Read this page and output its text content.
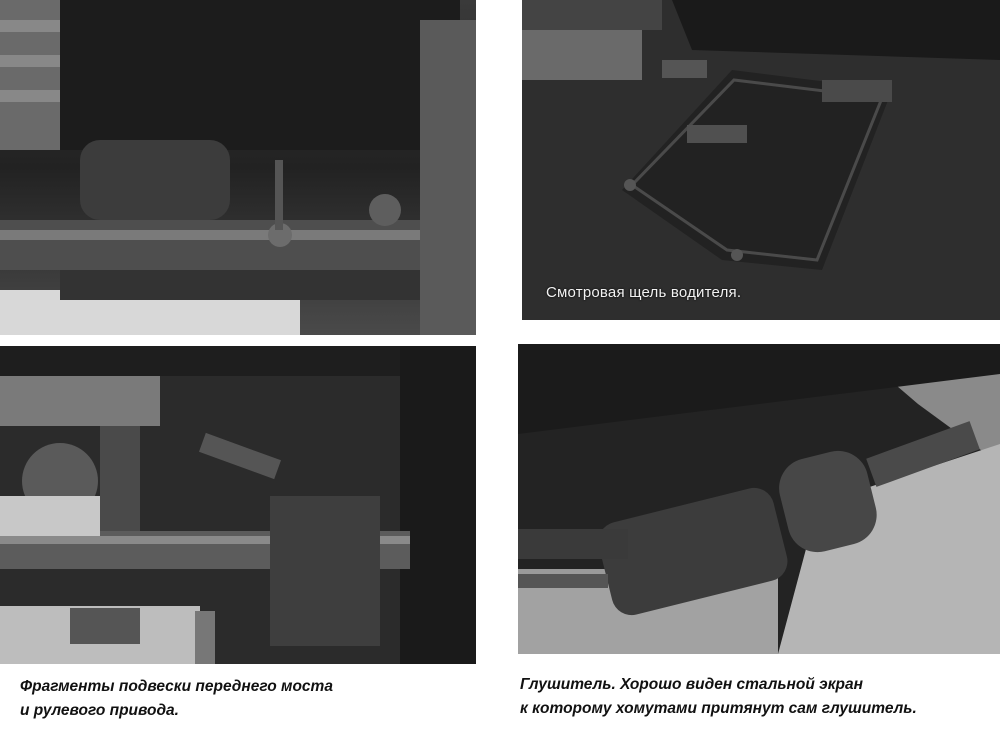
Смотровая щель водителя.
Фрагменты подвески переднего моста
и рулевого привода.
Глушитель. Хорошо виден стальной экран
к которому хомутами притянут сам глушитель.
